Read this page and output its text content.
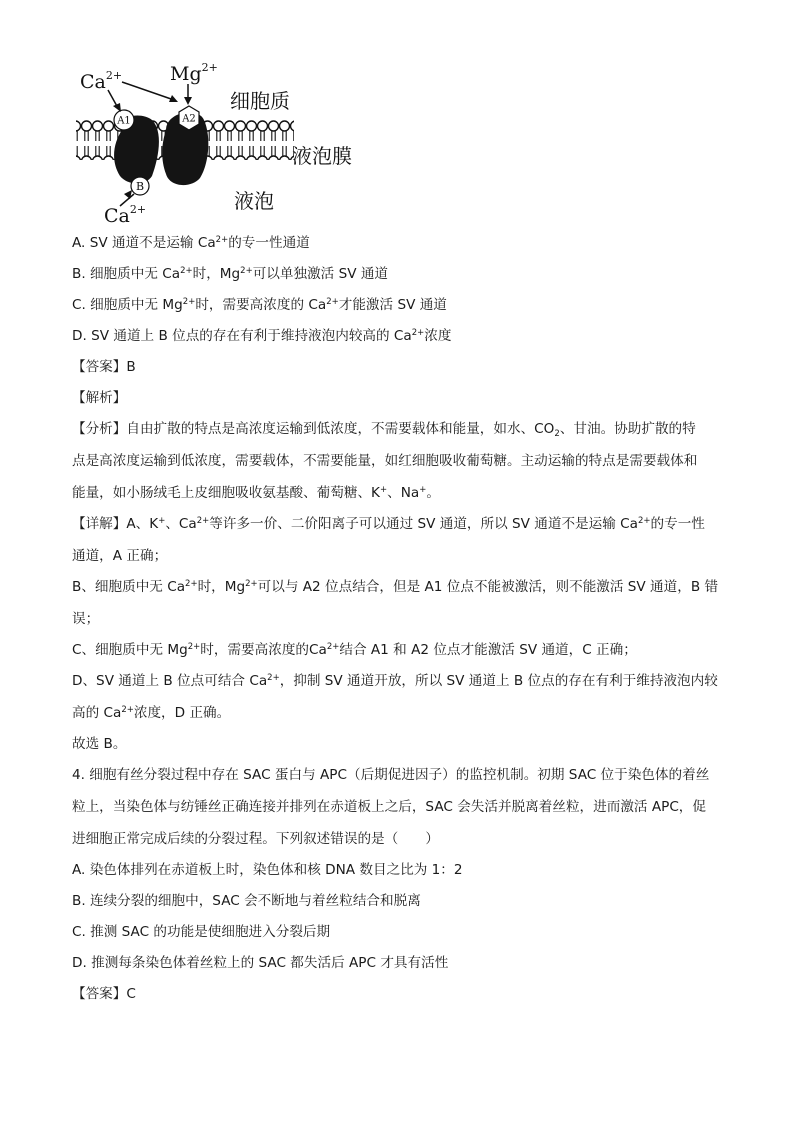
A1	A2
B
$Ca^{2+}$	$Mg^{2+}$
$Ca^{2+}$
细胞质
液泡膜
液泡
A. SV 通道不是运输 $Ca^{2+}$的专一性通道
B. 细胞质中无 $Ca^{2+}$时，$Mg^{2+}$可以单独激活 SV 通道
C. 细胞质中无 $Mg^{2+}$时，需要高浓度的 $Ca^{2+}$才能激活 SV 通道
D. SV 通道上 B 位点的存在有利于维持液泡内较高的 $Ca^{2+}$浓度
【答案】B
【解析】
【分析】自由扩散的特点是高浓度运输到低浓度，不需要载体和能量，如水、$CO_2$、甘油。协助扩散的特
点是高浓度运输到低浓度，需要载体，不需要能量，如红细胞吸收葡萄糖。主动运输的特点是需要载体和
能量，如小肠绒毛上皮细胞吸收氨基酸、葡萄糖、K+、Na+。
【详解】A、K+、$Ca^{2+}$等许多一价、二价阳离子可以通过 SV 通道，所以 SV 通道不是运输 $Ca^{2+}$的专一性
通道，A 正确；
B、细胞质中无 $Ca^{2+}$时，$Mg^{2+}$可以与 A2 位点结合，但是 A1 位点不能被激活，则不能激活 SV 通道，B 错
误；
C、细胞质中无 $Mg^{2+}$时，需要高浓度的$Ca^{2+}$结合 A1 和 A2 位点才能激活 SV 通道，C 正确；
D、SV 通道上 B 位点可结合 $Ca^{2+}$，抑制 SV 通道开放，所以 SV 通道上 B 位点的存在有利于维持液泡内较
高的 $Ca^{2+}$浓度，D 正确。
故选 B。
4. 细胞有丝分裂过程中存在 SAC 蛋白与 APC（后期促进因子）的监控机制。初期 SAC 位于染色体的着丝
粒上，当染色体与纺锤丝正确连接并排列在赤道板上之后，SAC 会失活并脱离着丝粒，进而激活 APC，促
进细胞正常完成后续的分裂过程。下列叙述错误的是（　　）
A. 染色体排列在赤道板上时，染色体和核 DNA 数目之比为 1：2
B. 连续分裂的细胞中，SAC 会不断地与着丝粒结合和脱离
C. 推测 SAC 的功能是使细胞进入分裂后期
D. 推测每条染色体着丝粒上的 SAC 都失活后 APC 才具有活性
【答案】C
